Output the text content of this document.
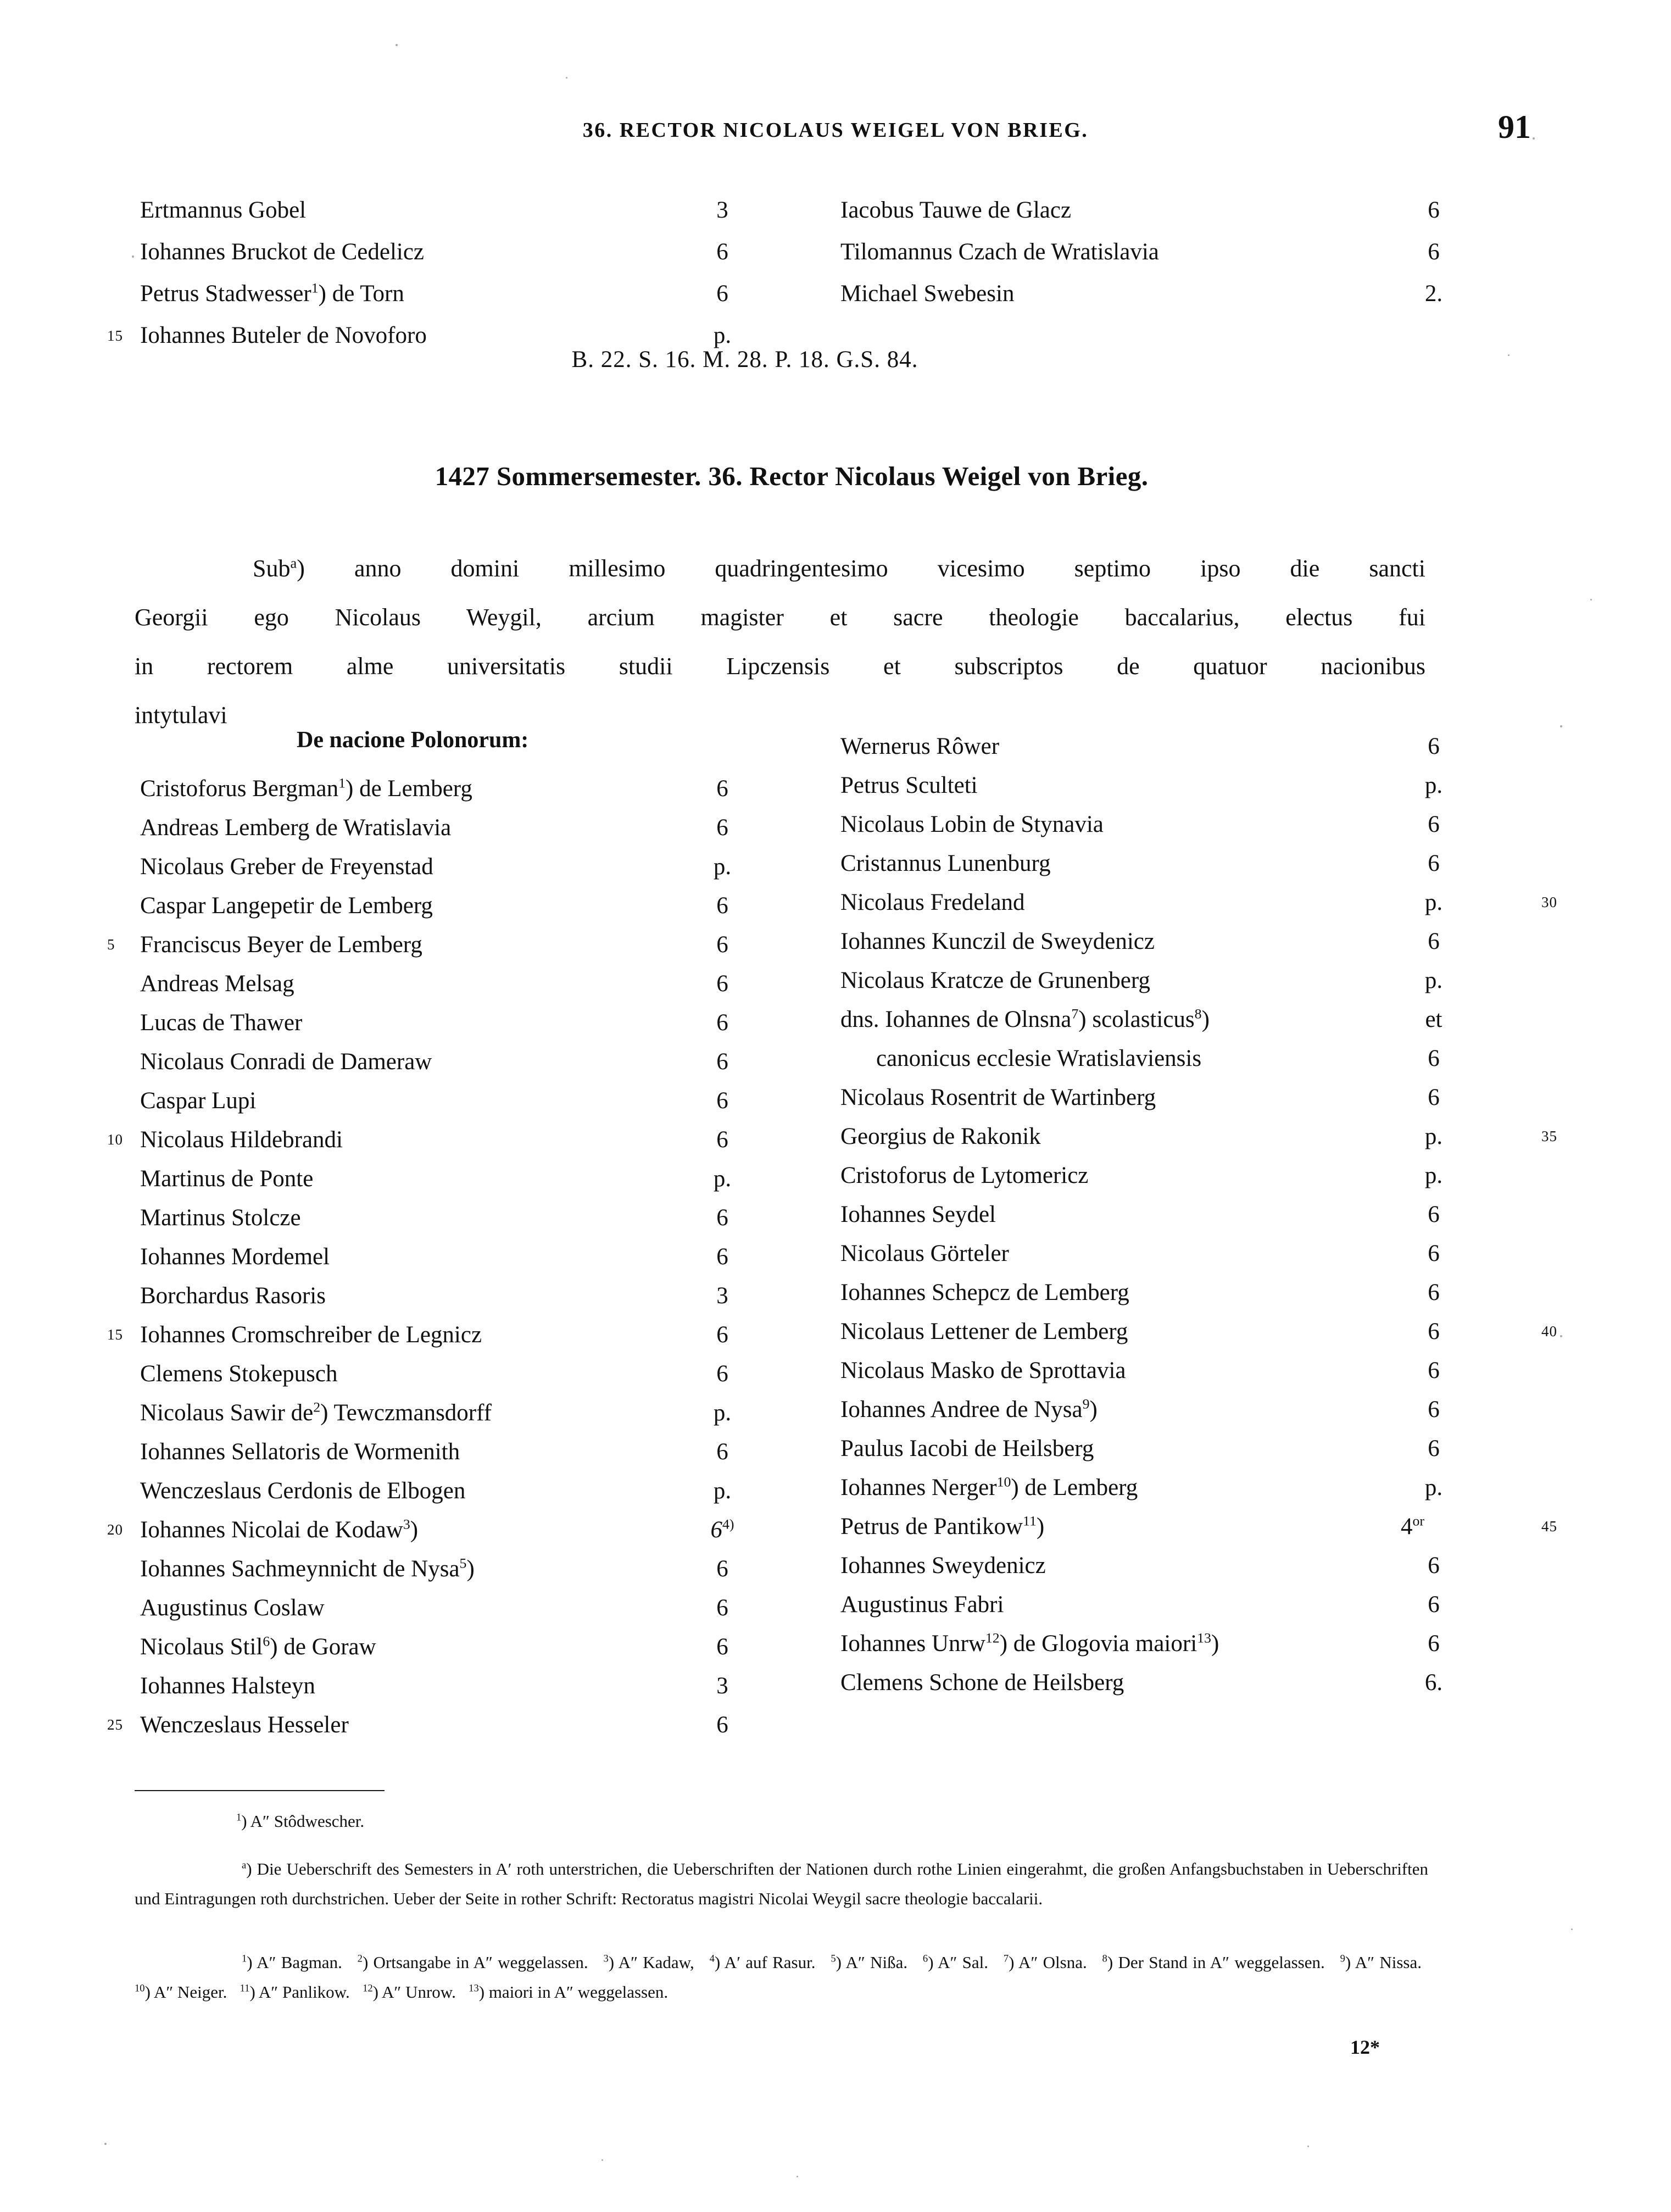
36. RECTOR NICOLAUS WEIGEL VON BRIEG.	91
Ertmannus Gobel	3
Iohannes Bruckot de Cedelicz	6
Petrus Stadwesser$^1$) de Torn	6
15 Iohannes Buteler de Novoforo	p.
Iacobus Tauwe de Glacz	6
Tilomannus Czach de Wratislavia	6
Michael Swebesin	2.
B. 22. S. 16. M. 28. P. 18. G.S. 84.
1427 Sommersemester. 36. Rector Nicolaus Weigel von Brieg.
Sub$^a$) anno domini millesimo quadringentesimo vicesimo septimo ipso die sancti
Georgii ego Nicolaus Weygil, arcium magister et sacre theologie baccalarius, electus fui
in rectorem alme universitatis studii Lipczensis et subscriptos de quatuor nacionibus
intytulavi
De nacione Polonorum:
Cristoforus Bergman$^1$) de Lemberg	6
Andreas Lemberg de Wratislavia	6
Nicolaus Greber de Freyenstad	p.
Caspar Langepetir de Lemberg	6
5 Franciscus Beyer de Lemberg	6
Andreas Melsag	6
Lucas de Thawer	6
Nicolaus Conradi de Dameraw	6
Caspar Lupi	6
10 Nicolaus Hildebrandi	6
Martinus de Ponte	p.
Martinus Stolcze	6
Iohannes Mordemel	6
Borchardus Rasoris	3
15 Iohannes Cromschreiber de Legnicz	6
Clemens Stokepusch	6
Nicolaus Sawir $de^2$) Tewczmansdorff	p.
Iohannes Sellatoris de Wormenith	6
Wenczeslaus Cerdonis de Elbogen	p.
20 Iohannes Nicolai de Kodaw$^3$)	6$^{4)}$
Iohannes Sachmeynnicht de Nysa$^5$)	6
Augustinus Coslaw	6
Nicolaus Stil$^6$) de Goraw	6
Iohannes Halsteyn	3
25 Wenczeslaus Hesseler	6
Wernerus Rôwer	6
Petrus Sculteti	p.
Nicolaus Lobin de Stynavia	6
Cristannus Lunenburg	6
30
Nicolaus Fredeland	p.
Iohannes Kunczil de Sweydenicz	6
Nicolaus Kratcze de Grunenberg	p.
dns. Iohannes de Olnsna$^7$) scolasticus$^8$)	et
canonicus ecclesie Wratislaviensis	6
Nicolaus Rosentrit de Wartinberg	6
35
Georgius de Rakonik	p.
Cristoforus de Lytomericz	p.
Iohannes Seydel	6
Nicolaus Görteler	6
Iohannes Schepcz de Lemberg	6
40
Nicolaus Lettener de Lemberg	6
Nicolaus Masko de Sprottavia	6
Iohannes Andree de Nysa$^9$)	6
Paulus Iacobi de Heilsberg	6
Iohannes Nerger$^{10}$) de Lemberg	p.
45
Petrus de Pantikow$^{11}$)	$4^{or}$
Iohannes Sweydenicz	6
Augustinus Fabri	6
Iohannes Unrw$^{12}$) de Glogovia maiori$^{13}$)	6
Clemens Schone de Heilsberg	6.
$^1$) A″ Stôdwescher.
$^a$) Die Ueberschrift des Semesters in A′ roth unterstrichen, die Ueberschriften der Nationen durch rothe Linien eingerahmt, die großen Anfangsbuchstaben in Ueberschriften und Eintragungen roth durchstrichen. Ueber der Seite in rother Schrift: Rectoratus magistri Nicolai Weygil sacre theologie baccalarii.
$^1$) A″ Bagman. $^2$) Ortsangabe in A″ weggelassen. $^3$) A″ Kadaw, $^4$) A′ auf Rasur. $^5$) A″ Nißa. $^6$) A″ Sal. $^7$) A″ Olsna. $^8$) Der Stand in A″ weggelassen. $^9$) A″ Nissa.   $^{10}$) A″ Neiger. $^{11}$) A″ Panlikow. $^{12}$) A″ Unrow. $^{13}$) maiori in A″ weggelassen.
12*
